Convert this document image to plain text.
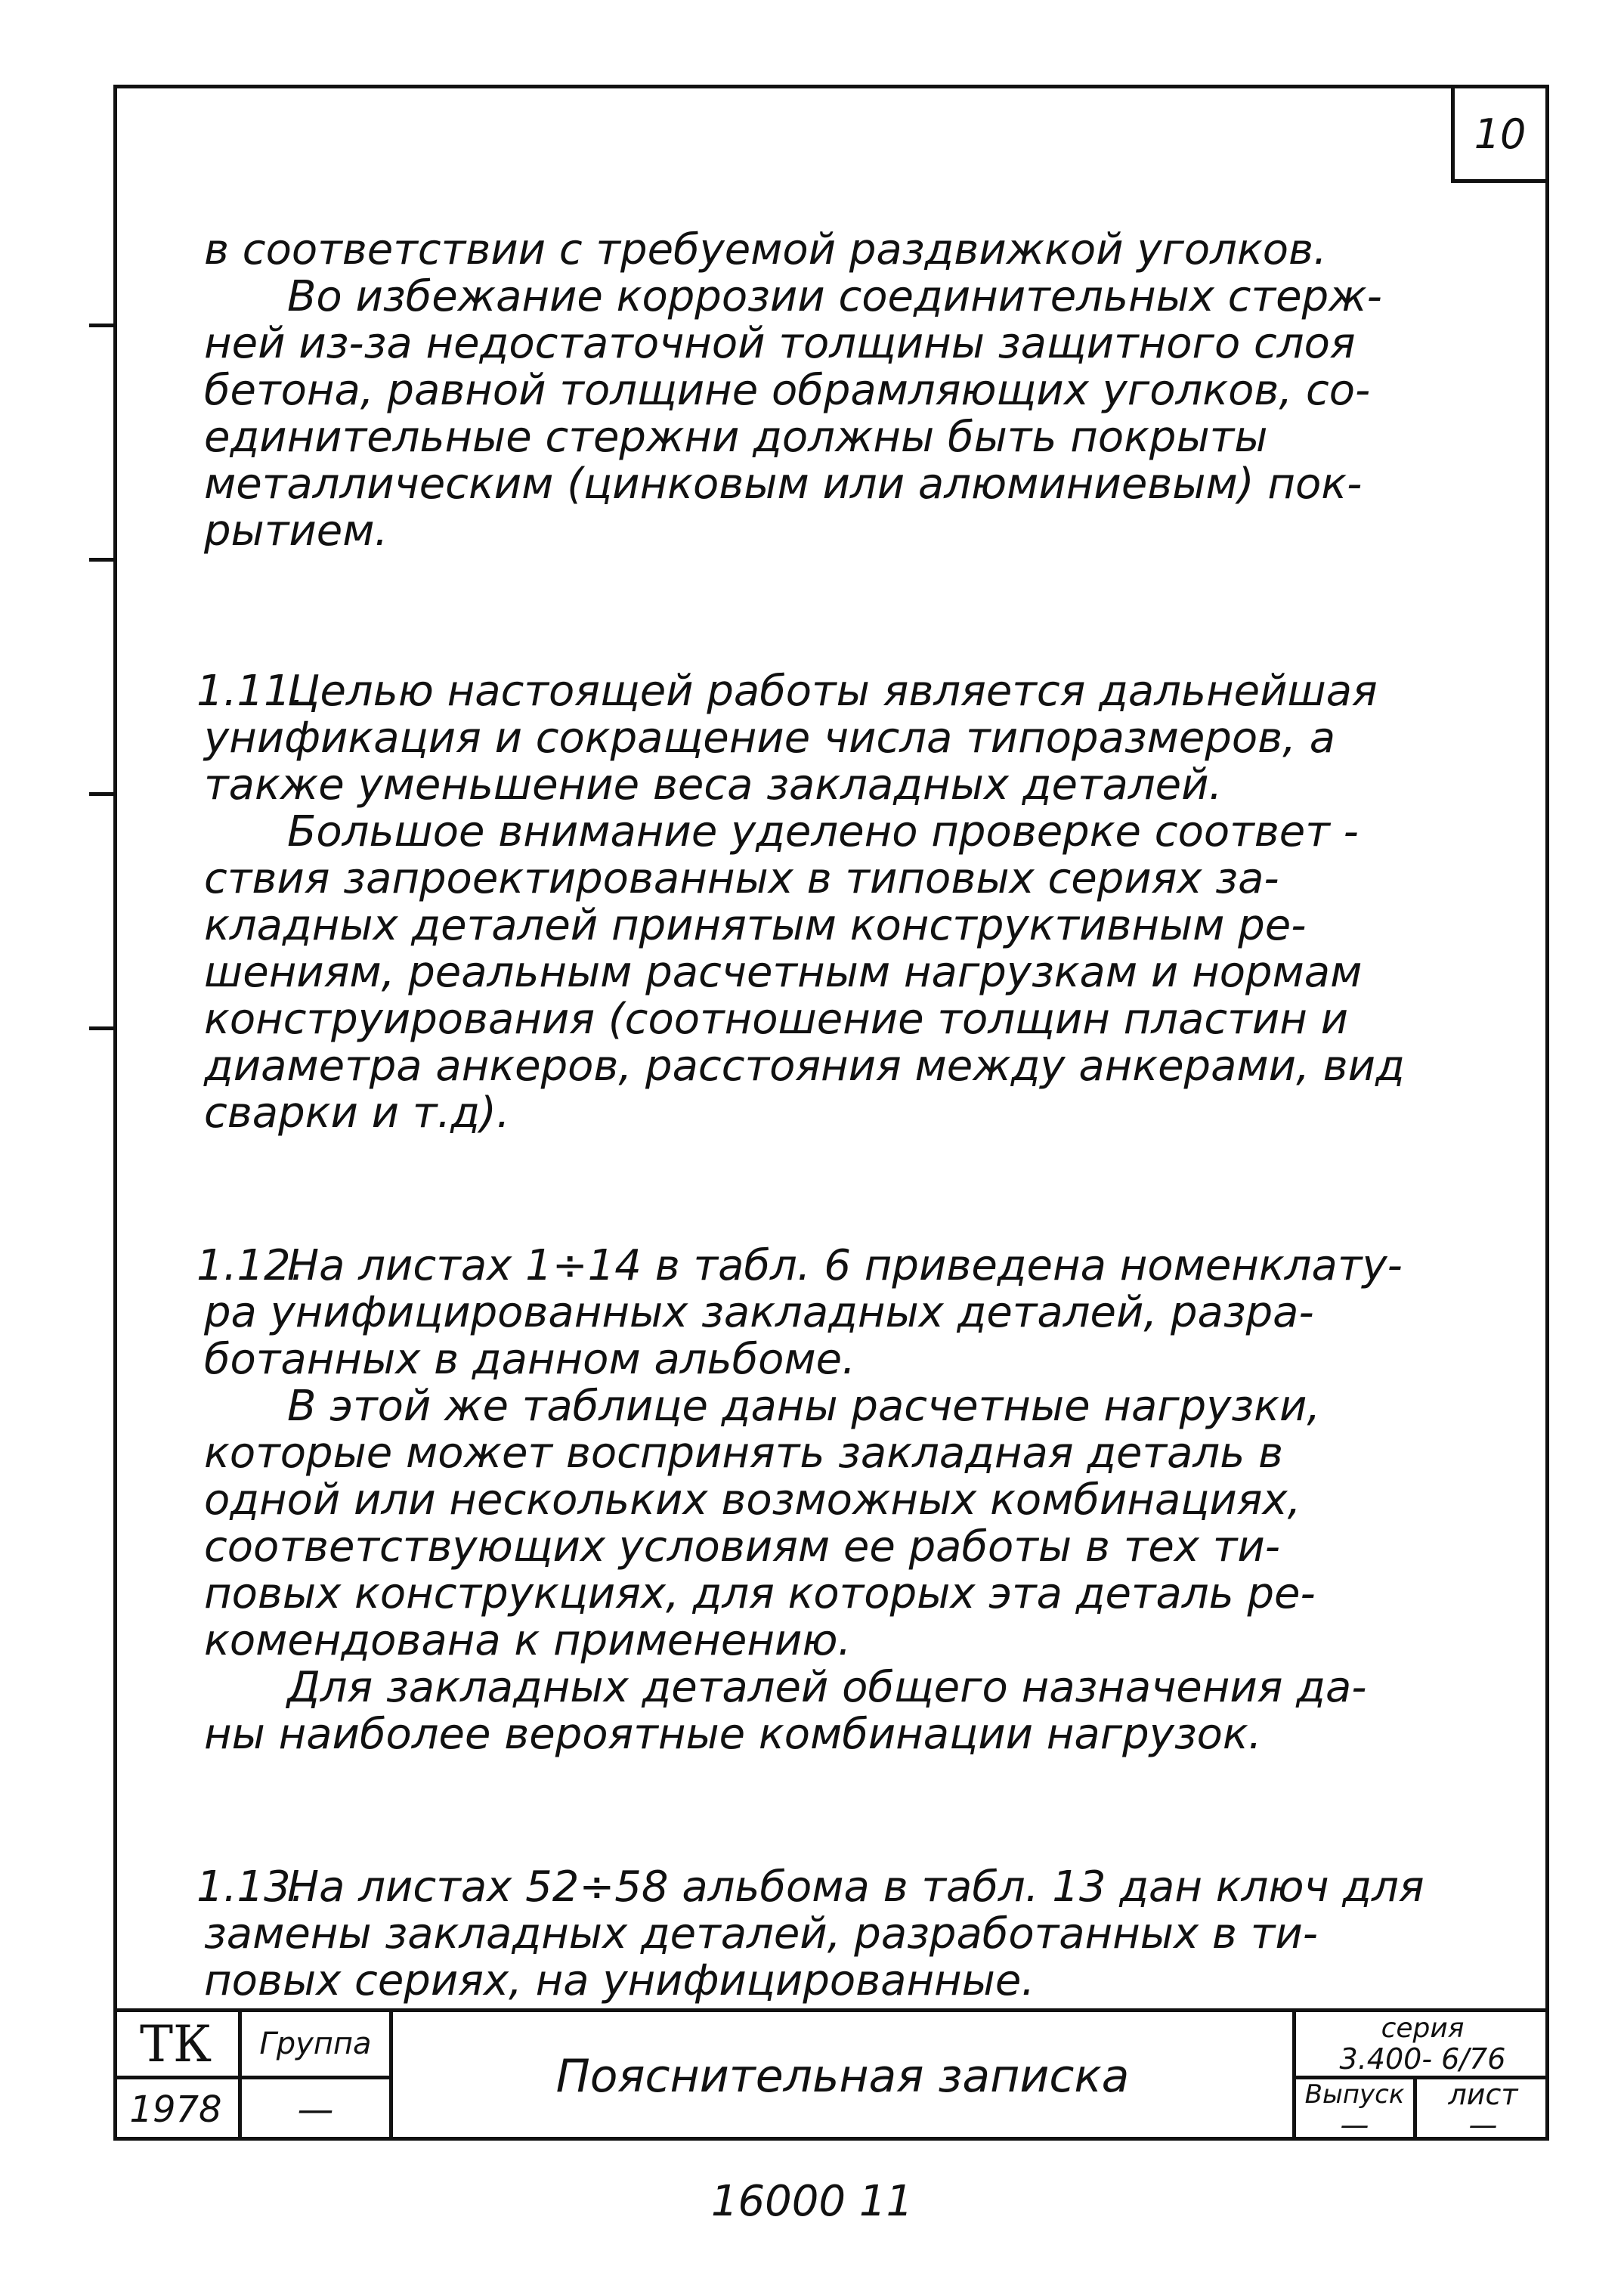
10

в соответствии с требуемой раздвижкой уголков.

Во избежание коррозии соединительных стерж-
ней из-за недостаточной толщины защитного слоя
бетона, равной толщине обрамляющих уголков, со-
единительные стержни должны быть покрыты
металлическим (цинковым или алюминиевым) пок-
рытием.

1.11.

Целью настоящей работы является дальнейшая
унификация и сокращение числа типоразмеров, а
также уменьшение веса закладных деталей.

Большое внимание уделено проверке соответ -
ствия запроектированных в типовых сериях за-
кладных деталей принятым конструктивным ре-
шениям, реальным расчетным нагрузкам и нормам
конструирования (соотношение толщин пластин и
диаметра анкеров, расстояния между анкерами, вид
сварки и т.д).

1.12.

На листах 1÷14 в табл. 6 приведена номенклату-
ра унифицированных закладных деталей, разра-
ботанных в данном альбоме.

В этой же таблице даны расчетные нагрузки,
которые может воспринять закладная деталь в
одной или нескольких возможных комбинациях,
соответствующих условиям ее работы в тех ти-
повых конструкциях, для которых эта деталь ре-
комендована к применению.

Для закладных деталей общего назначения да-
ны наиболее вероятные комбинации нагрузок.

1.13.

На листах 52÷58 альбома в табл. 13 дан ключ для
замены закладных деталей, разработанных в ти-
повых сериях, на унифицированные.

ТК
1978
Группа
—
Пояснительная записка
серия
3.400- 6/76
Выпуск
—
лист
—
16000 11
